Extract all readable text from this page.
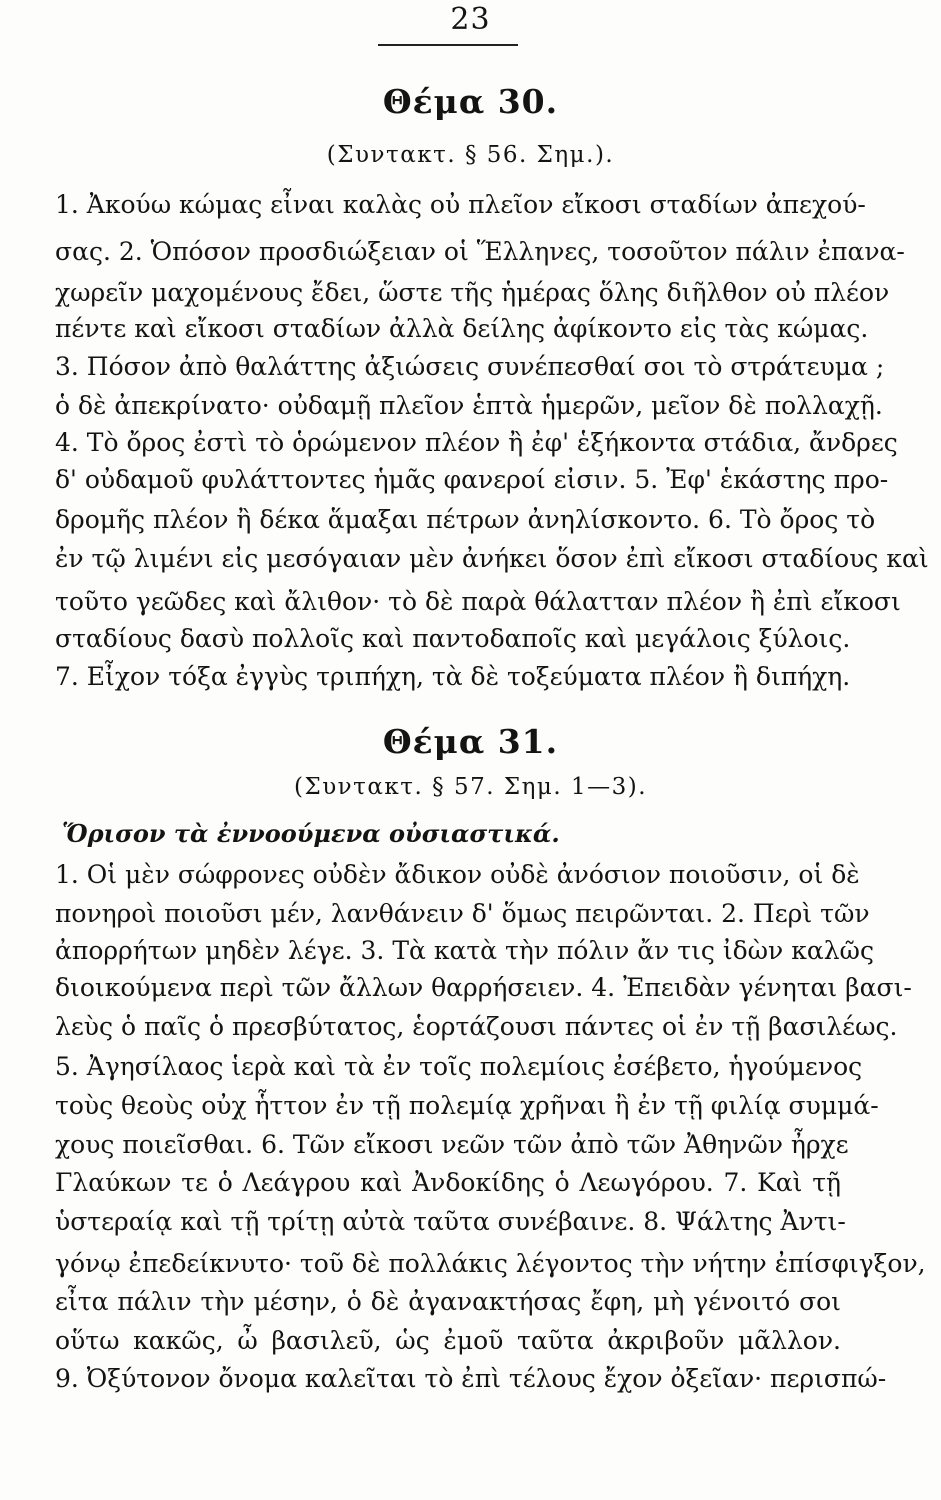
23
Θέμα 30.
(Συντακτ. § 56. Σημ.).

1. Ἀκούω κώμας εἶναι καλὰς οὐ πλεῖον εἴκοσι σταδίων ἀπεχού-

σας. 2. Ὁπόσον προσδιώξειαν οἱ Ἕλληνες, τοσοῦτον πάλιν ἐπανα-

χωρεῖν μαχομένους ἔδει, ὥστε τῆς ἡμέρας ὅλης διῆλθον οὐ πλέον

πέντε καὶ εἴκοσι σταδίων ἀλλὰ δείλης ἀφίκοντο εἰς τὰς κώμας.

3. Πόσον ἀπὸ θαλάττης ἀξιώσεις συνέπεσθαί σοι τὸ στράτευμα ;

ὁ δὲ ἀπεκρίνατο· οὐδαμῇ πλεῖον ἑπτὰ ἡμερῶν, μεῖον δὲ πολλαχῇ.

4. Τὸ ὄρος ἐστὶ τὸ ὁρώμενον πλέον ἢ ἐφ' ἑξήκοντα στάδια, ἄνδρες

δ' οὐδαμοῦ φυλάττοντες ἡμᾶς φανεροί εἰσιν. 5. Ἐφ' ἑκάστης προ-

δρομῆς πλέον ἢ δέκα ἅμαξαι πέτρων ἀνηλίσκοντο. 6. Τὸ ὄρος τὸ

ἐν τῷ λιμένι εἰς μεσόγαιαν μὲν ἀνήκει ὅσον ἐπὶ εἴκοσι σταδίους καὶ

τοῦτο γεῶδες καὶ ἄλιθον· τὸ δὲ παρὰ θάλατταν πλέον ἢ ἐπὶ εἴκοσι

σταδίους δασὺ πολλοῖς καὶ παντοδαποῖς καὶ μεγάλοις ξύλοις.

7. Εἶχον τόξα ἐγγὺς τριπήχη, τὰ δὲ τοξεύματα πλέον ἢ διπήχη.

Θέμα 31.
(Συντακτ. § 57. Σημ. 1—3).

Ὅρισον τὰ ἐννοούμενα οὐσιαστικά.

1. Οἱ μὲν σώφρονες οὐδὲν ἄδικον οὐδὲ ἀνόσιον ποιοῦσιν, οἱ δὲ

πονηροὶ ποιοῦσι μέν, λανθάνειν δ' ὅμως πειρῶνται. 2. Περὶ τῶν

ἀπορρήτων μηδὲν λέγε. 3. Τὰ κατὰ τὴν πόλιν ἄν τις ἰδὼν καλῶς

διοικούμενα περὶ τῶν ἄλλων θαρρήσειεν. 4. Ἐπειδὰν γένηται βασι-

λεὺς ὁ παῖς ὁ πρεσβύτατος, ἑορτάζουσι πάντες οἱ ἐν τῇ βασιλέως.

5. Ἀγησίλαος ἱερὰ καὶ τὰ ἐν τοῖς πολεμίοις ἐσέβετο, ἡγούμενος

τοὺς θεοὺς οὐχ ἧττον ἐν τῇ πολεμίᾳ χρῆναι ἢ ἐν τῇ φιλίᾳ συμμά-

χους ποιεῖσθαι. 6. Τῶν εἴκοσι νεῶν τῶν ἀπὸ τῶν Ἀθηνῶν ἦρχε

Γλαύκων τε ὁ Λεάγρου καὶ Ἀνδοκίδης ὁ Λεωγόρου. 7. Καὶ τῇ

ὑστεραίᾳ καὶ τῇ τρίτῃ αὐτὰ ταῦτα συνέβαινε. 8. Ψάλτης Ἀντι-

γόνῳ ἐπεδείκνυτο· τοῦ δὲ πολλάκις λέγοντος τὴν νήτην ἐπίσφιγξον,

εἶτα πάλιν τὴν μέσην, ὁ δὲ ἀγανακτήσας ἔφη, μὴ γένοιτό σοι

οὕτω κακῶς, ὦ βασιλεῦ, ὡς ἐμοῦ ταῦτα ἀκριβοῦν μᾶλλον.

9. Ὀξύτονον ὄνομα καλεῖται τὸ ἐπὶ τέλους ἔχον ὀξεῖαν· περισπώ-
